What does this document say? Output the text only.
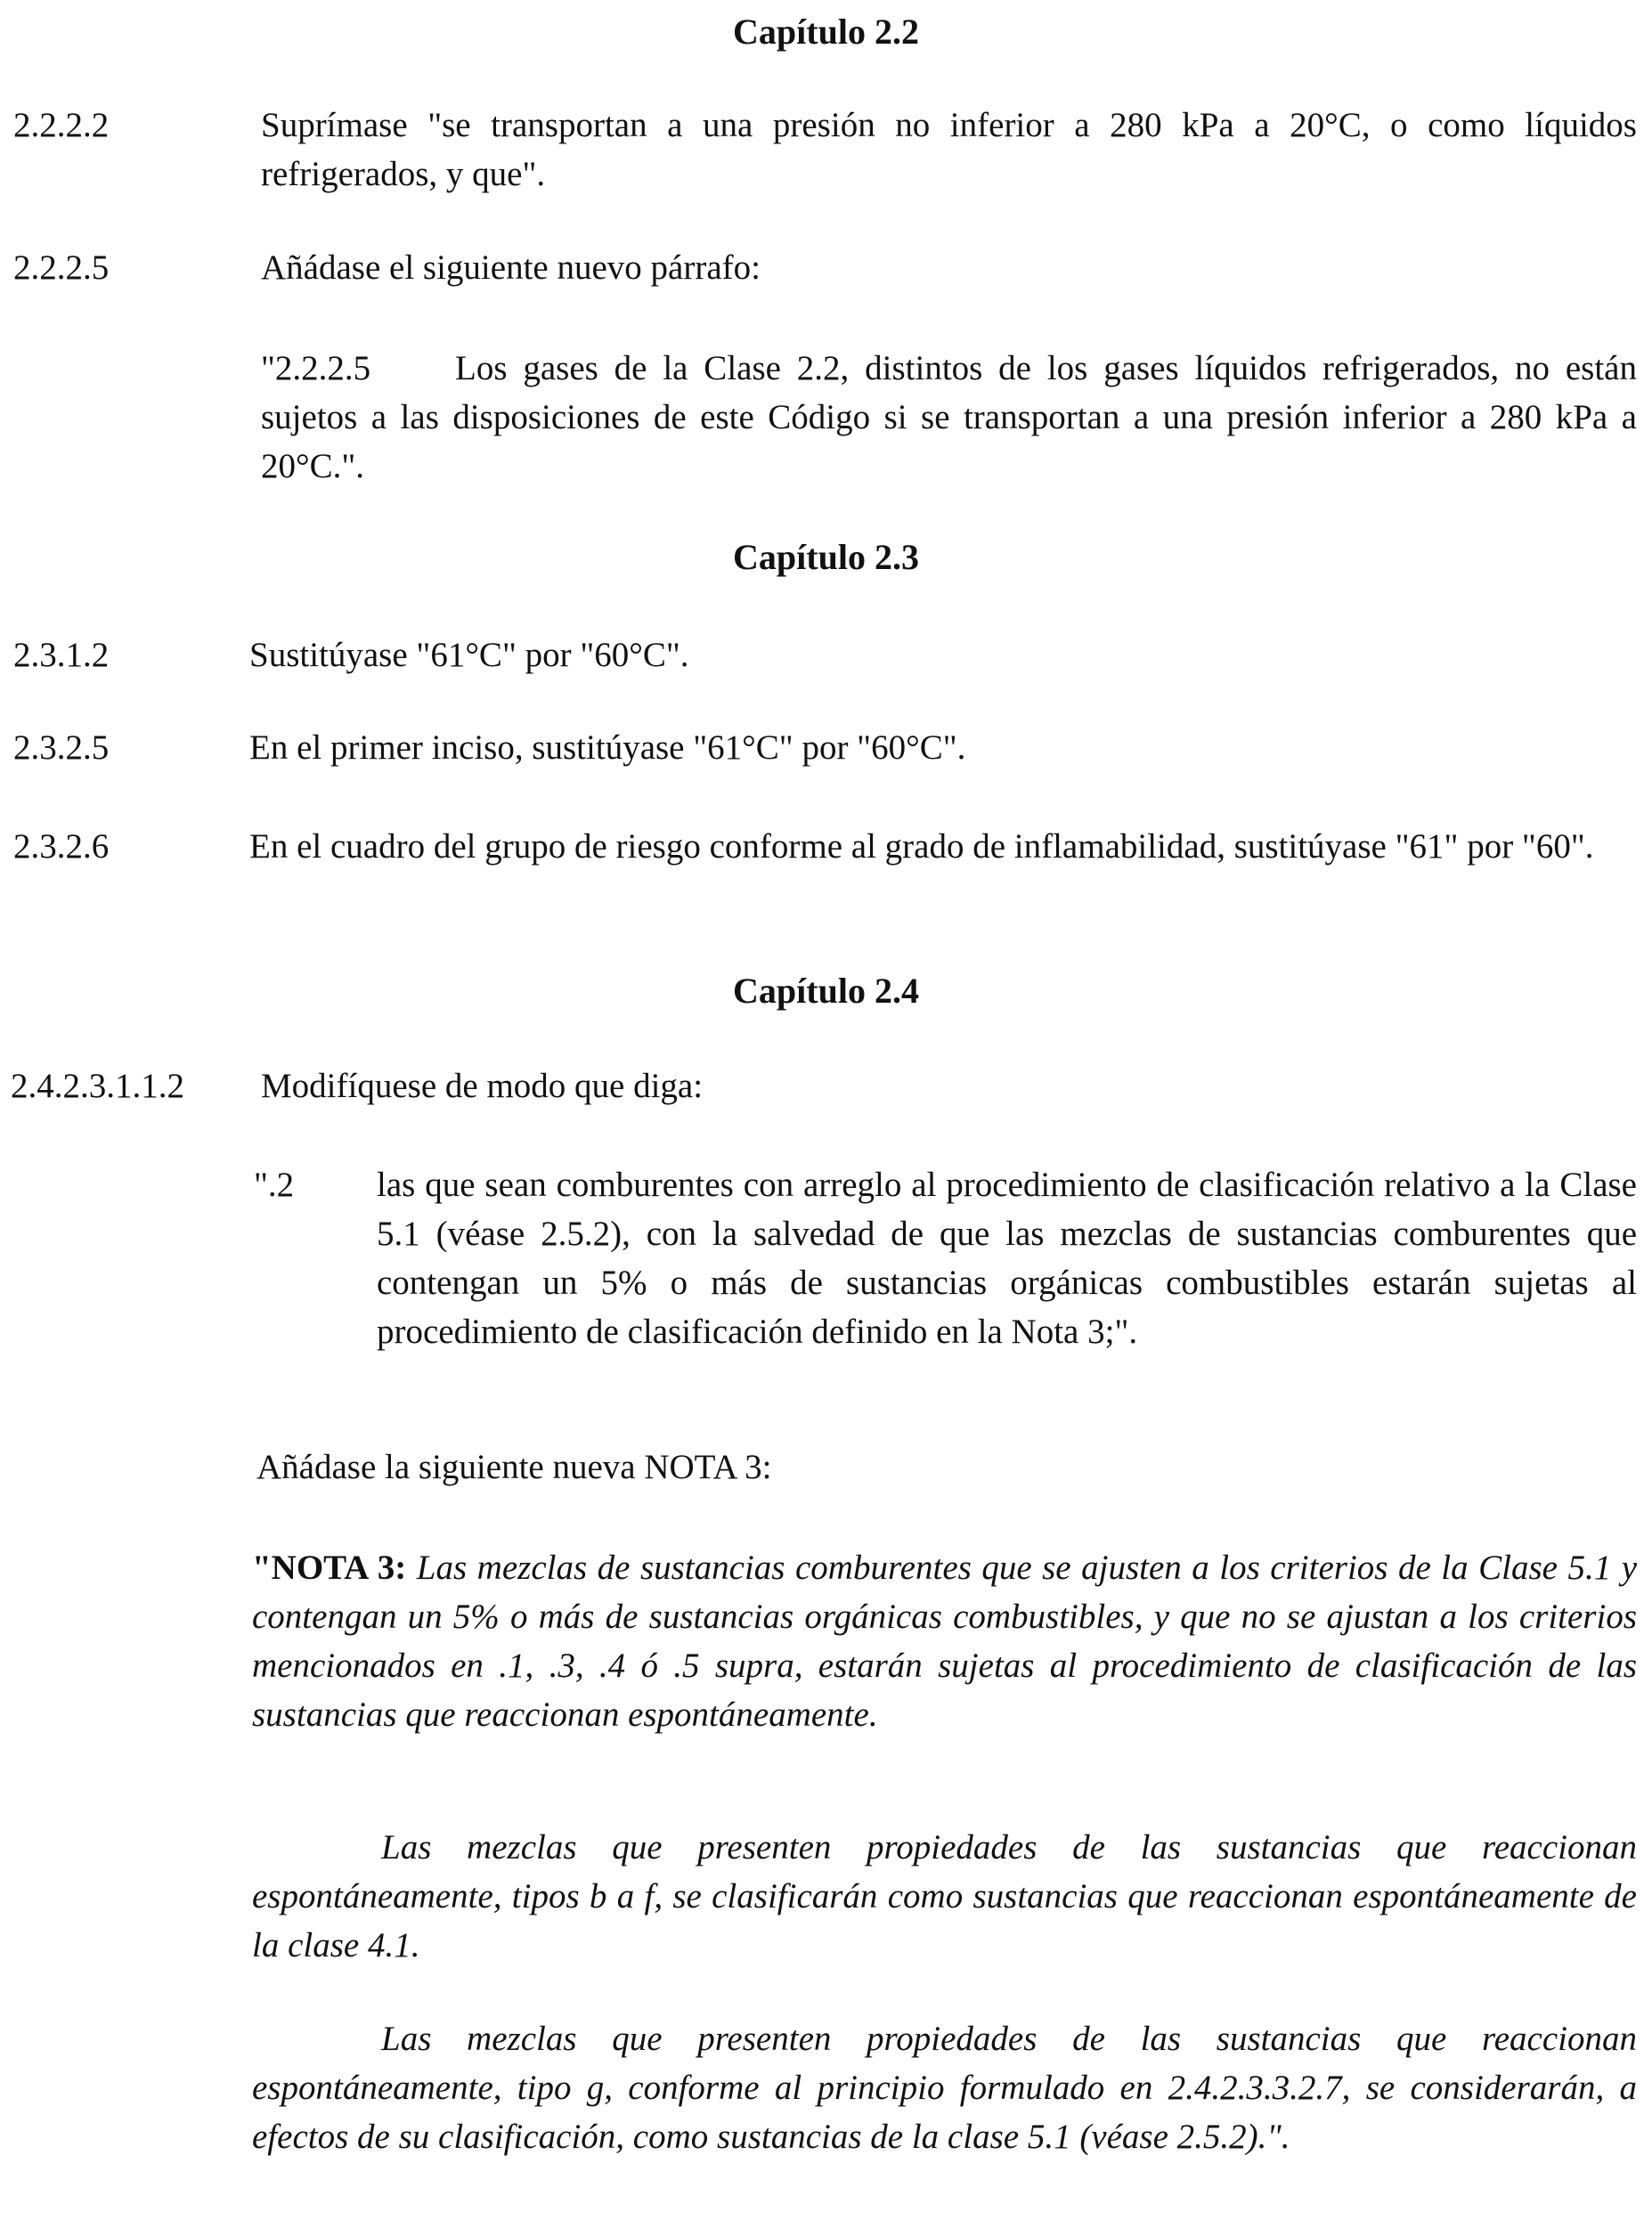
Capítulo 2.2

2.2.2.2	Suprímase "se transportan a una presión no inferior a 280 kPa a 20°C, o como líquidos refrigerados, y que".

2.2.2.5	Añádase el siguiente nuevo párrafo:

"2.2.2.5 Los gases de la Clase 2.2, distintos de los gases líquidos refrigerados, no están sujetos a las disposiciones de este Código si se transportan a una presión inferior a 280 kPa a 20°C.".

Capítulo 2.3

2.3.1.2	Sustitúyase "61°C" por "60°C".

2.3.2.5	En el primer inciso, sustitúyase "61°C" por "60°C".

2.3.2.6	En el cuadro del grupo de riesgo conforme al grado de inflamabilidad, sustitúyase "61" por "60".

Capítulo 2.4

2.4.2.3.1.1.2 Modifíquese de modo que diga:

".2 las que sean comburentes con arreglo al procedimiento de clasificación relativo a la Clase 5.1 (véase 2.5.2), con la salvedad de que las mezclas de sustancias comburentes que contengan un 5% o más de sustancias orgánicas combustibles estarán sujetas al procedimiento de clasificación definido en la Nota 3;".

Añádase la siguiente nueva NOTA 3:

"NOTA 3: Las mezclas de sustancias comburentes que se ajusten a los criterios de la Clase 5.1 y contengan un 5% o más de sustancias orgánicas combustibles, y que no se ajustan a los criterios mencionados en .1, .3, .4 ó .5 supra, estarán sujetas al procedimiento de clasificación de las sustancias que reaccionan espontáneamente.

Las mezclas que presenten propiedades de las sustancias que reaccionan espontáneamente, tipos b a f, se clasificarán como sustancias que reaccionan espontáneamente de la clase 4.1.

Las mezclas que presenten propiedades de las sustancias que reaccionan espontáneamente, tipo g, conforme al principio formulado en 2.4.2.3.3.2.7, se considerarán, a efectos de su clasificación, como sustancias de la clase 5.1 (véase 2.5.2).".
